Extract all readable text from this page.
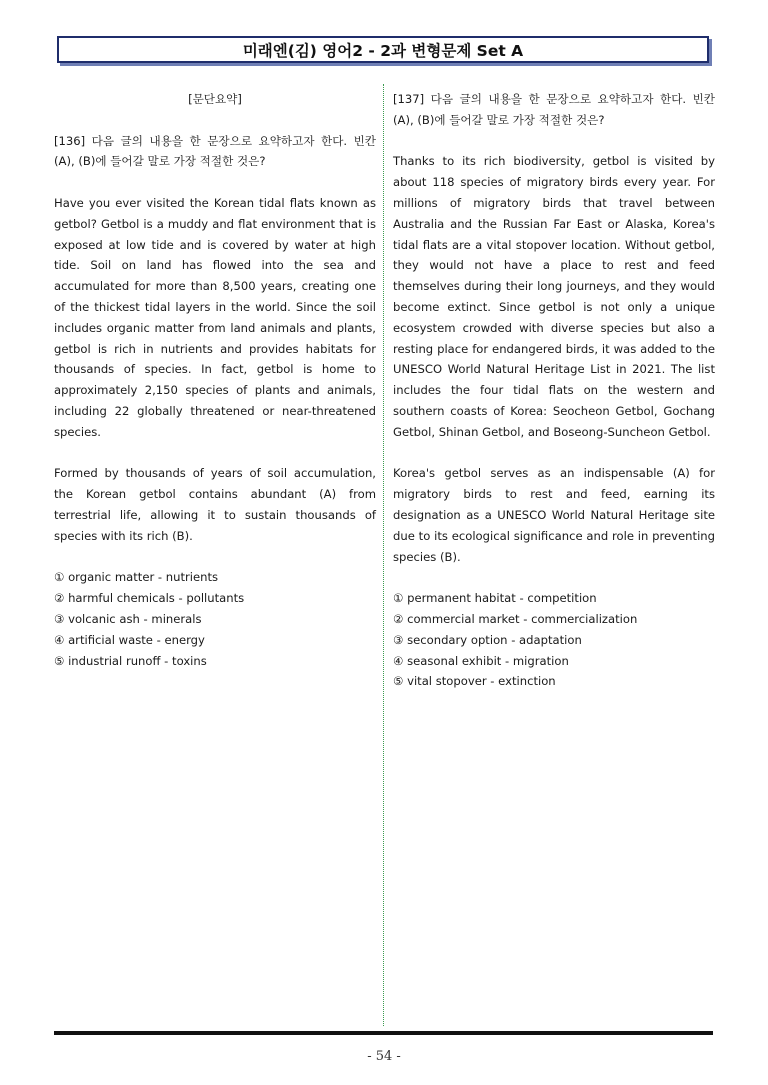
미래엔(김) 영어2 - 2과 변형문제 Set A

[문단요약]

[136] 다음 글의 내용을 한 문장으로 요약하고자 한다. 빈칸 (A), (B)에 들어갈 말로 가장 적절한 것은?

Have you ever visited the Korean tidal flats known as getbol? Getbol is a muddy and flat environment that is exposed at low tide and is covered by water at high tide. Soil on land has flowed into the sea and accumulated for more than 8,500 years, creating one of the thickest tidal layers in the world. Since the soil includes organic matter from land animals and plants, getbol is rich in nutrients and provides habitats for thousands of species. In fact, getbol is home to approximately 2,150 species of plants and animals, including 22 globally threatened or near-threatened species.

Formed by thousands of years of soil accumulation, the Korean getbol contains abundant (A) from terrestrial life, allowing it to sustain thousands of species with its rich (B).

① organic matter - nutrients

② harmful chemicals - pollutants

③ volcanic ash - minerals

④ artificial waste - energy

⑤ industrial runoff - toxins

[137] 다음 글의 내용을 한 문장으로 요약하고자 한다. 빈칸 (A), (B)에 들어갈 말로 가장 적절한 것은?

Thanks to its rich biodiversity, getbol is visited by about 118 species of migratory birds every year. For millions of migratory birds that travel between Australia and the Russian Far East or Alaska, Korea's tidal flats are a vital stopover location. Without getbol, they would not have a place to rest and feed themselves during their long journeys, and they would become extinct. Since getbol is not only a unique ecosystem crowded with diverse species but also a resting place for endangered birds, it was added to the UNESCO World Natural Heritage List in 2021. The list includes the four tidal flats on the western and southern coasts of Korea: Seocheon Getbol, Gochang Getbol, Shinan Getbol, and Boseong-Suncheon Getbol.

Korea's getbol serves as an indispensable (A) for migratory birds to rest and feed, earning its designation as a UNESCO World Natural Heritage site due to its ecological significance and role in preventing species (B).

① permanent habitat - competition

② commercial market - commercialization

③ secondary option - adaptation

④ seasonal exhibit - migration

⑤ vital stopover - extinction

- 54 -
